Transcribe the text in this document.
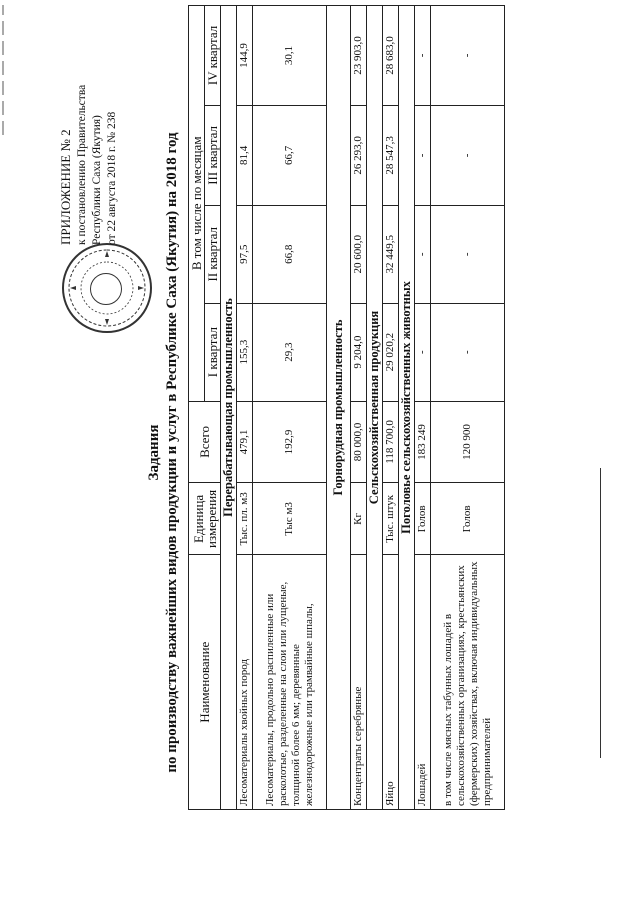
ПРИЛОЖЕНИЕ № 2 к постановлению Правительства Республики Саха (Якутия) от 22 августа 2018 г. № 238
Задания по производству важнейших видов продукции и услуг в Республике Саха (Якутия) на 2018 год Наименование	Единица измерения	Всего	В том числе по месяцам			
			I квартал	II квартал	III квартал	IV квартал
Перерабатывающая промышленность						
Лесоматериалы хвойных пород	Тыс. пл. м3	479,1	155,3	97,5	81,4	144,9
Лесоматериалы, продольно распиленные или расколотые, разделенные на слои или лущеные, толщиной более 6 мм; деревянные железнодорожные или трамвайные шпалы,	Тыс м3	192,9	29,3	66,8	66,7	30,1
Горнорудная промышленность						
Концентраты серебряные	Кг	80 000,0	9 204,0	20 600,0	26 293,0	23 903,0
Сельскохозяйственная продукция						
Яйцо	Тыс. штук	118 700,0	29 020,2	32 449,5	28 547,3	28 683,0
Поголовье сельскохозяйственных животных						
Лошадей	Голов	183 249	-	-	-	-
в том числе мясных табунных лошадей в сельскохозяйственных организациях, крестьянских (фермерских) хозяйствах, включая индивидуальных предпринимателей	Голов	120 900	-	-	-	-
